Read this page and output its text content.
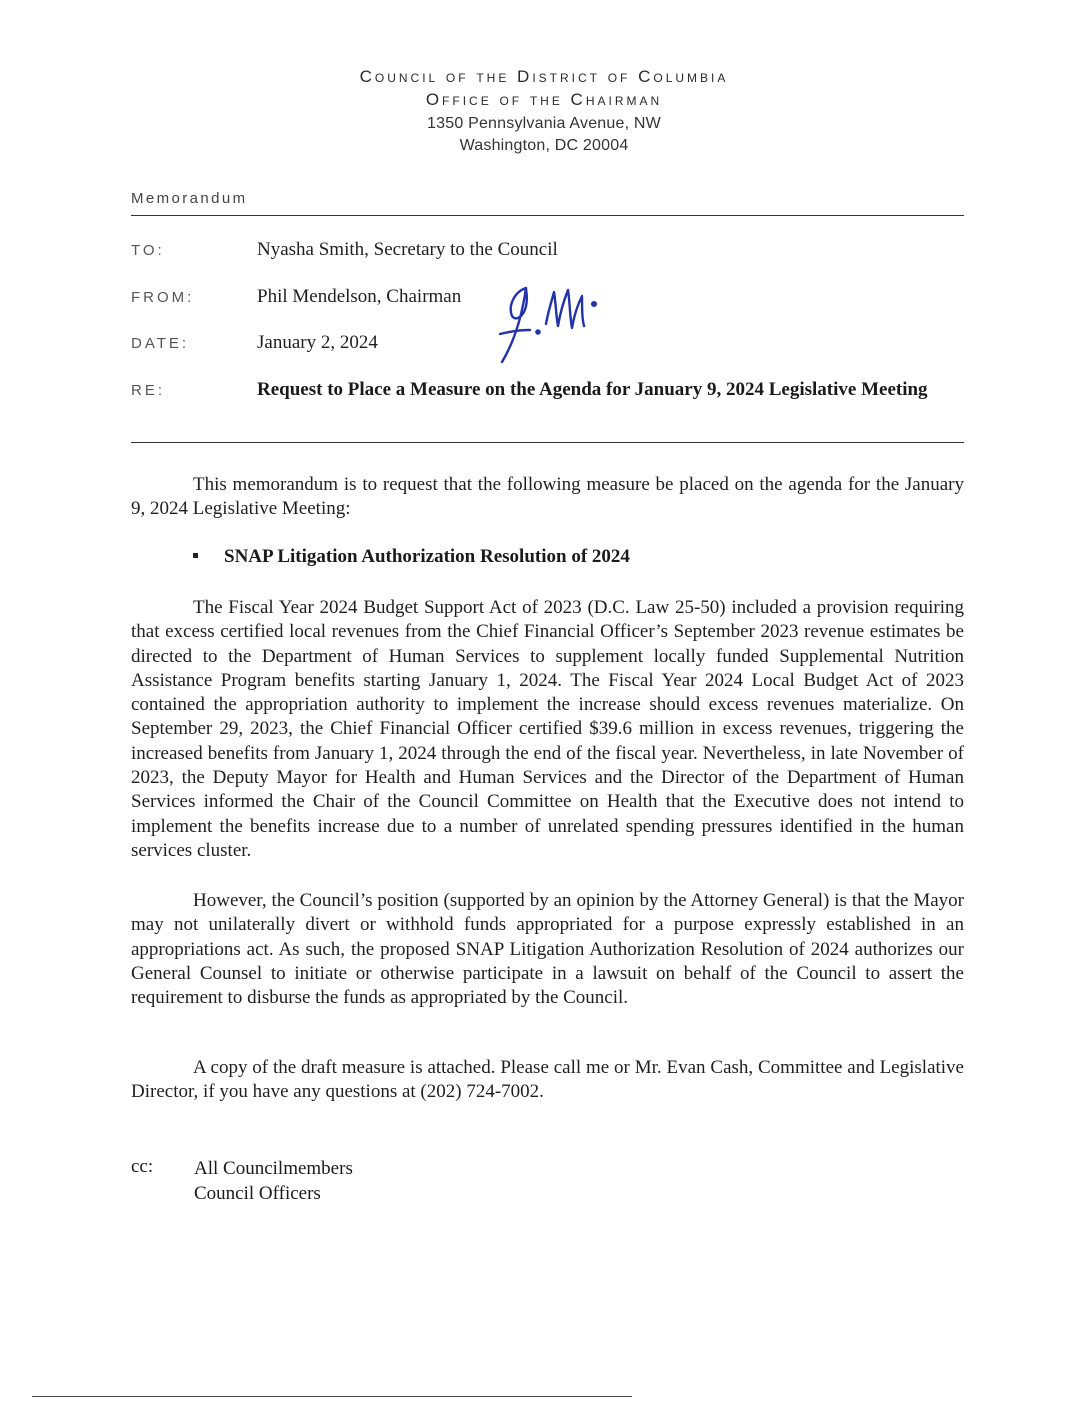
Council of the District of Columbia
Office of the Chairman
1350 Pennsylvania Avenue, NW
Washington, DC 20004
Memorandum
TO:	Nyasha Smith, Secretary to the Council
FROM:	Phil Mendelson, Chairman
DATE:	January 2, 2024
RE:	Request to Place a Measure on the Agenda for January 9, 2024 Legislative Meeting
This memorandum is to request that the following measure be placed on the agenda for the January 9, 2024 Legislative Meeting:
SNAP Litigation Authorization Resolution of 2024
The Fiscal Year 2024 Budget Support Act of 2023 (D.C. Law 25-50) included a provision requiring that excess certified local revenues from the Chief Financial Officer’s September 2023 revenue estimates be directed to the Department of Human Services to supplement locally funded Supplemental Nutrition Assistance Program benefits starting January 1, 2024. The Fiscal Year 2024 Local Budget Act of 2023 contained the appropriation authority to implement the increase should excess revenues materialize. On September 29, 2023, the Chief Financial Officer certified $39.6 million in excess revenues, triggering the increased benefits from January 1, 2024 through the end of the fiscal year. Nevertheless, in late November of 2023, the Deputy Mayor for Health and Human Services and the Director of the Department of Human Services informed the Chair of the Council Committee on Health that the Executive does not intend to implement the benefits increase due to a number of unrelated spending pressures identified in the human services cluster.
However, the Council’s position (supported by an opinion by the Attorney General) is that the Mayor may not unilaterally divert or withhold funds appropriated for a purpose expressly established in an appropriations act. As such, the proposed SNAP Litigation Authorization Resolution of 2024 authorizes our General Counsel to initiate or otherwise participate in a lawsuit on behalf of the Council to assert the requirement to disburse the funds as appropriated by the Council.
A copy of the draft measure is attached. Please call me or Mr. Evan Cash, Committee and Legislative Director, if you have any questions at (202) 724-7002.
cc: All Councilmembers
Council Officers
